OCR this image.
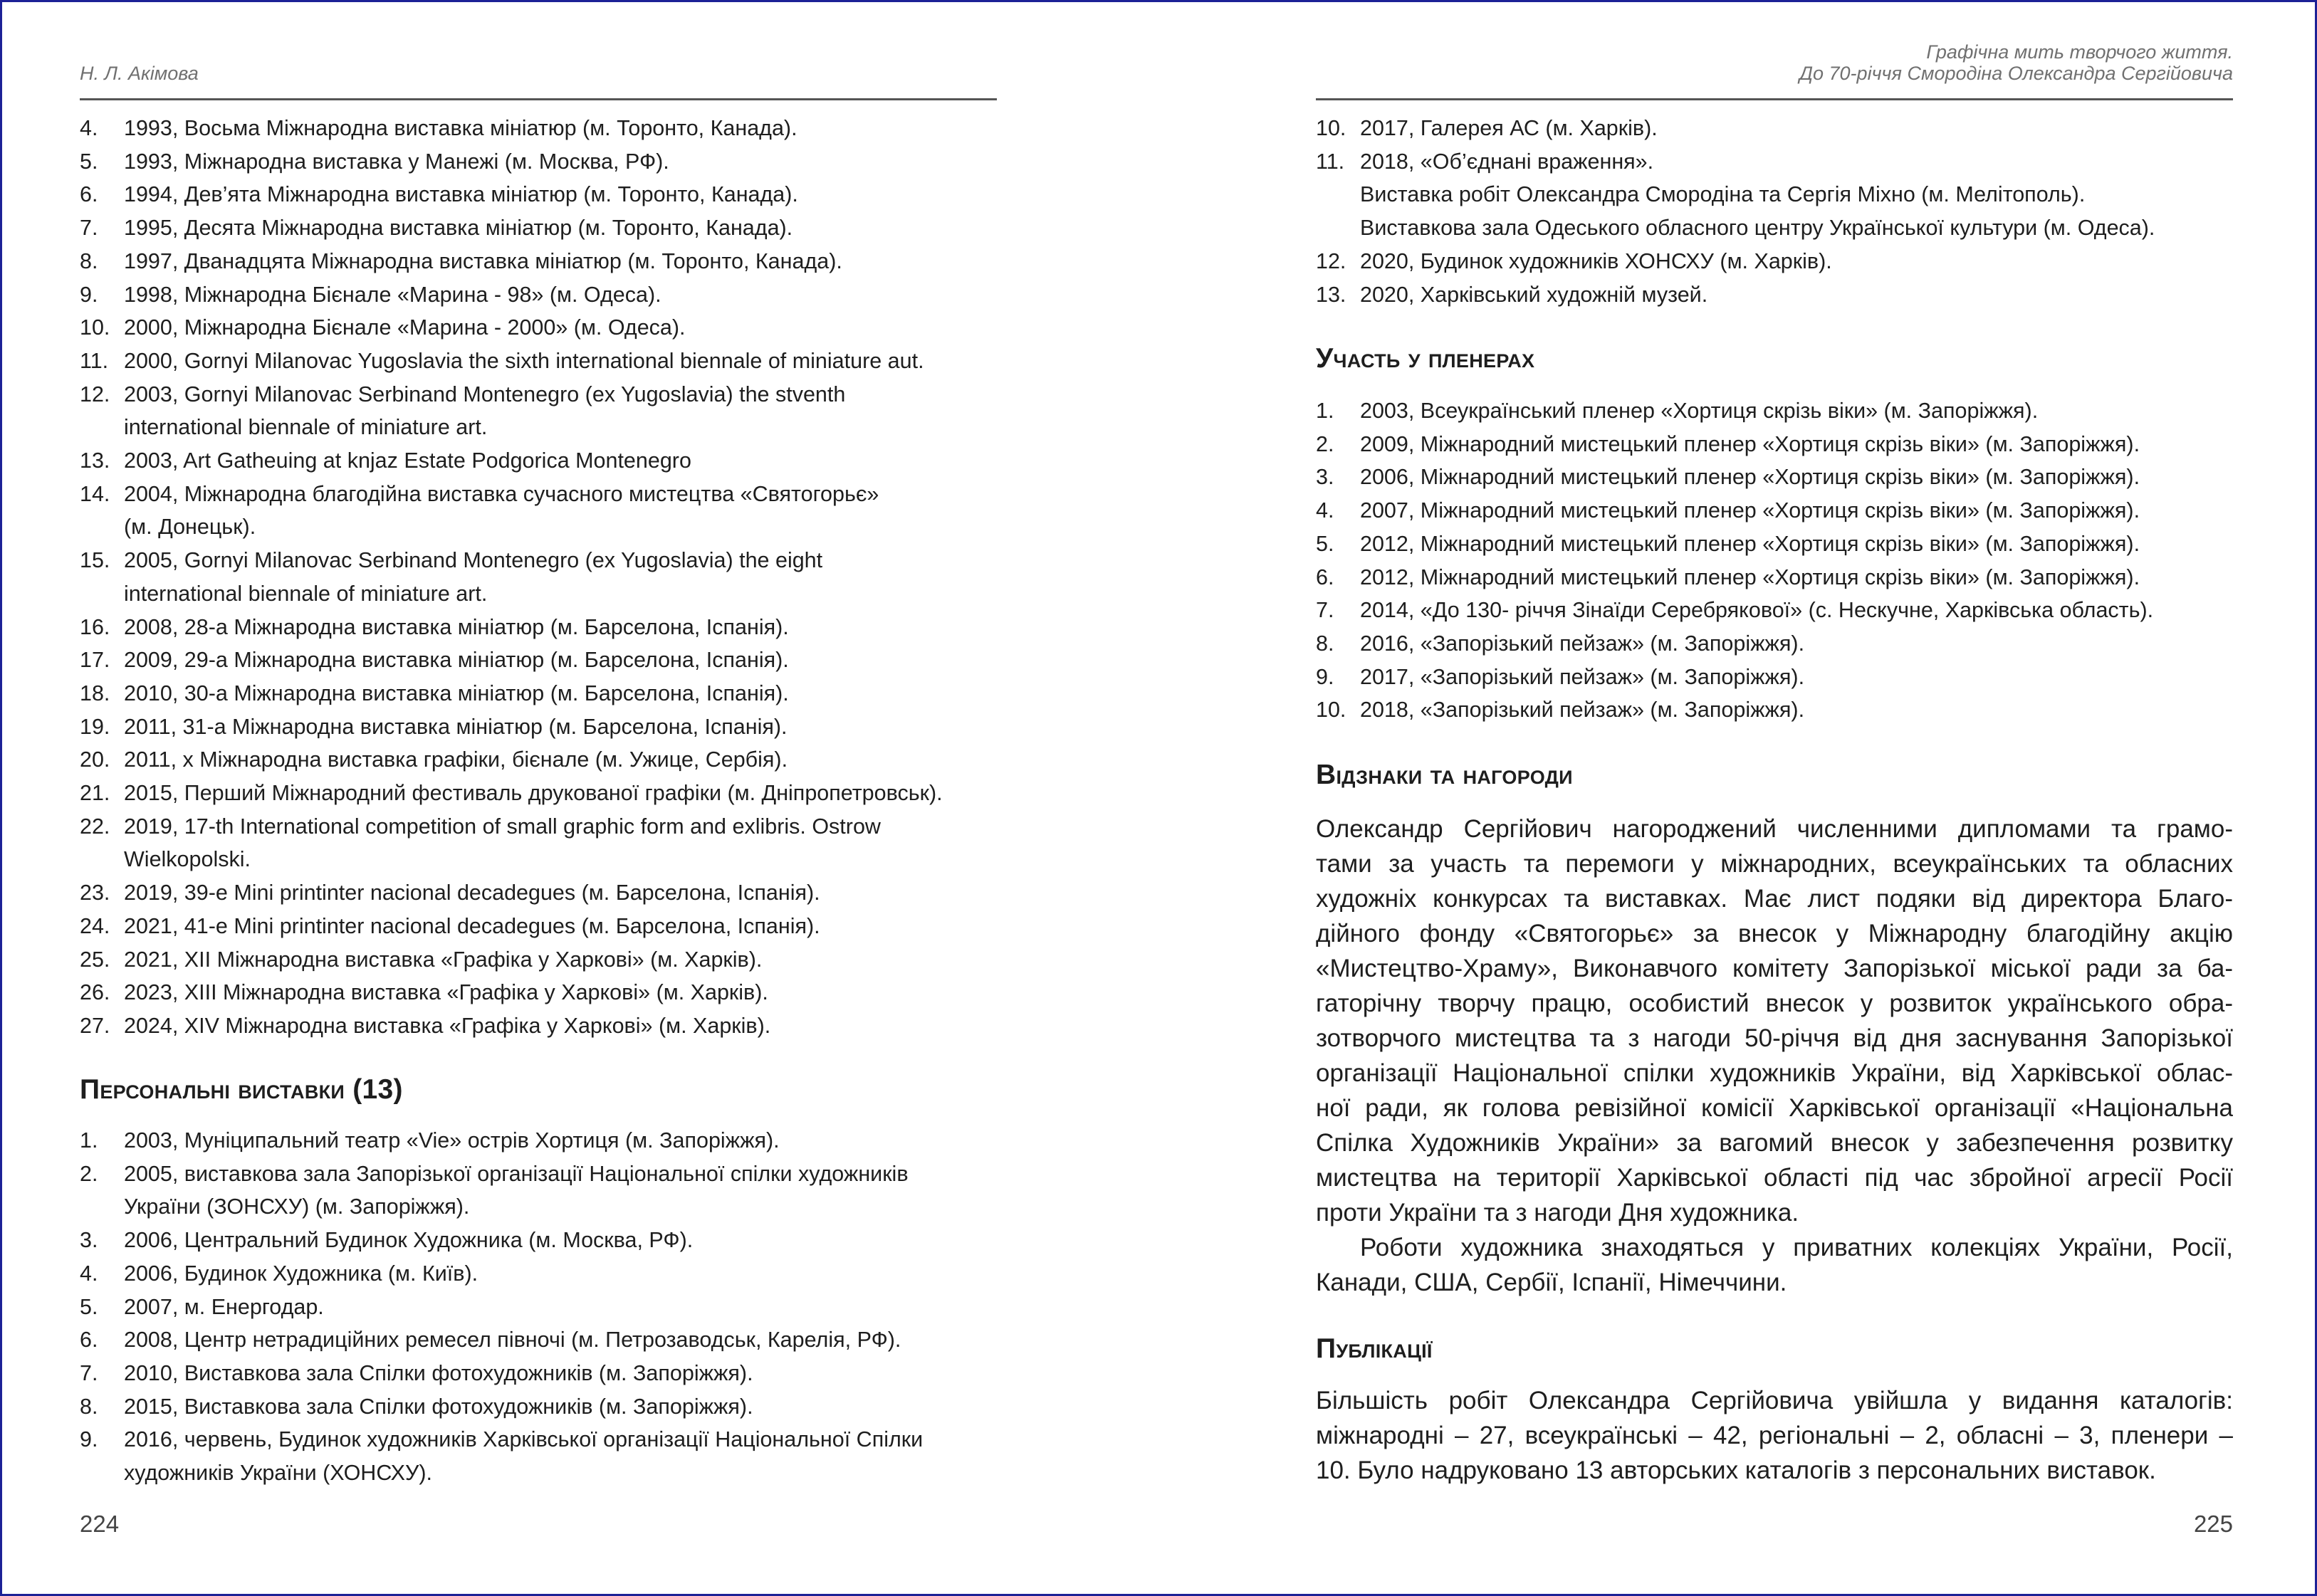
Н. Л. Акімова
4.	1993, Восьма Міжнародна виставка мініатюр (м. Торонто, Канада).
5.	1993, Міжнародна виставка у Манежі (м. Москва, РФ).
6.	1994, Дев’ята Міжнародна виставка мініатюр (м. Торонто, Канада).
7.	1995, Десята Міжнародна виставка мініатюр (м. Торонто, Канада).
8.	1997, Дванадцята Міжнародна виставка мініатюр (м. Торонто, Канада).
9.	1998, Міжнародна Бієнале «Марина - 98» (м. Одеса).
10. 2000, Міжнародна Бієнале «Марина - 2000» (м. Одеса).
11. 2000, Gornyi Milanovac Yugoslavia the sixth international biennale of miniature aut.
12. 2003, Gornyi Milanovac Serbinand Montenegro (ex Yugoslavia) the stventh
international biennale of miniature art.
13. 2003, Art Gatheuing at knjaz Estate Podgorica Montenegro
14. 2004, Міжнародна благодійна виставка сучасного мистецтва «Святогорьє»
(м. Донецьк).
15. 2005, Gornyi Milanovac Serbinand Montenegro (ex Yugoslavia) the eight
international biennale of miniature art.
16. 2008, 28-а Міжнародна виставка мініатюр (м. Барселона, Іспанія).
17. 2009, 29-а Міжнародна виставка мініатюр (м. Барселона, Іспанія).
18. 2010, 30-а Міжнародна виставка мініатюр (м. Барселона, Іспанія).
19. 2011, 31-а Міжнародна виставка мініатюр (м. Барселона, Іспанія).
20. 2011, х Міжнародна виставка графіки, бієнале (м. Ужице, Сербія).
21. 2015, Перший Міжнародний фестиваль друкованої графіки (м. Дніпропетровськ).
22. 2019, 17-th International competition of small graphic form and exlibris. Ostrow
Wielkopolski.
23. 2019, 39-е Mini printinter nacional decadegues (м. Барселона, Іспанія).
24. 2021, 41-е Mini printinter nacional decadegues (м. Барселона, Іспанія).
25. 2021, XII Міжнародна виставка «Графіка у Харкові» (м. Харків).
26. 2023, XIII Міжнародна виставка «Графіка у Харкові» (м. Харків).
27. 2024, XIV Міжнародна виставка «Графіка у Харкові» (м. Харків).
Персональні виставки (13)
1.	2003, Муніципальний театр «Vie» острів Хортиця (м. Запоріжжя).
2.	2005, виставкова зала Запорізької організації Національної спілки художників
України (ЗОНСХУ) (м. Запоріжжя).
3.	2006, Центральний Будинок Художника (м. Москва, РФ).
4.	2006, Будинок Художника (м. Київ).
5.	2007, м. Енергодар.
6.	2008, Центр нетрадиційних ремесел півночі (м. Петрозаводськ, Карелія, РФ).
7.	2010, Виставкова зала Спілки фотохудожників (м. Запоріжжя).
8.	2015, Виставкова зала Спілки фотохудожників (м. Запоріжжя).
9.	2016, червень, Будинок художників Харківської організації Національної Спілки
художників України (ХОНСХУ).
224
Графічна мить творчого життя.
До 70-річчя Смородіна Олександра Сергійовича
10. 2017, Галерея АС (м. Харків).
11. 2018, «Об’єднані враження».
Виставка робіт Олександра Смородіна та Сергія Міхно (м. Мелітополь).
Виставкова зала Одеського обласного центру Української культури (м. Одеса).
12. 2020, Будинок художників ХОНСХУ (м. Харків).
13. 2020, Харківський художній музей.
Участь у пленерах
1.	2003, Всеукраїнський пленер «Хортиця скрізь віки» (м. Запоріжжя).
2.	2009, Міжнародний мистецький пленер «Хортиця скрізь віки» (м. Запоріжжя).
3.	2006, Міжнародний мистецький пленер «Хортиця скрізь віки» (м. Запоріжжя).
4.	2007, Міжнародний мистецький пленер «Хортиця скрізь віки» (м. Запоріжжя).
5.	2012, Міжнародний мистецький пленер «Хортиця скрізь віки» (м. Запоріжжя).
6.	2012, Міжнародний мистецький пленер «Хортиця скрізь віки» (м. Запоріжжя).
7.	2014, «До 130- річчя Зінаїди Серебрякової» (с. Нескучне, Харківська область).
8.	2016, «Запорізький пейзаж» (м. Запоріжжя).
9.	2017, «Запорізький пейзаж» (м. Запоріжжя).
10. 2018, «Запорізький пейзаж» (м. Запоріжжя).
Відзнаки та нагороди
Олександр Сергійович нагороджений численними дипломами та грамо-
тами за участь та перемоги у міжнародних, всеукраїнських та обласних
художніх конкурсах та виставках. Має лист подяки від директора Благо-
дійного фонду «Святогорьє» за внесок у Міжнародну благодійну акцію
«Мистецтво-Храму», Виконавчого комітету Запорізької міської ради за ба-
гаторічну творчу працю, особистий внесок у розвиток українського обра-
зотворчого мистецтва та з нагоди 50-річчя від дня заснування Запорізької
організації Національної спілки художників України, від Харківської облас-
ної ради, як голова ревізійної комісії Харківської організації «Національна
Спілка Художників України» за вагомий внесок у забезпечення розвитку
мистецтва на території Харківської області під час збройної агресії Росії
проти України та з нагоди Дня художника.
Роботи художника знаходяться у приватних колекціях України, Росії,
Канади, США, Сербії, Іспанії, Німеччини.
Публікації
Більшість робіт Олександра Сергійовича увійшла у видання каталогів:
міжнародні – 27, всеукраїнські – 42, регіональні – 2, обласні – 3, пленери –
10. Було надруковано 13 авторських каталогів з персональних виставок.
225
